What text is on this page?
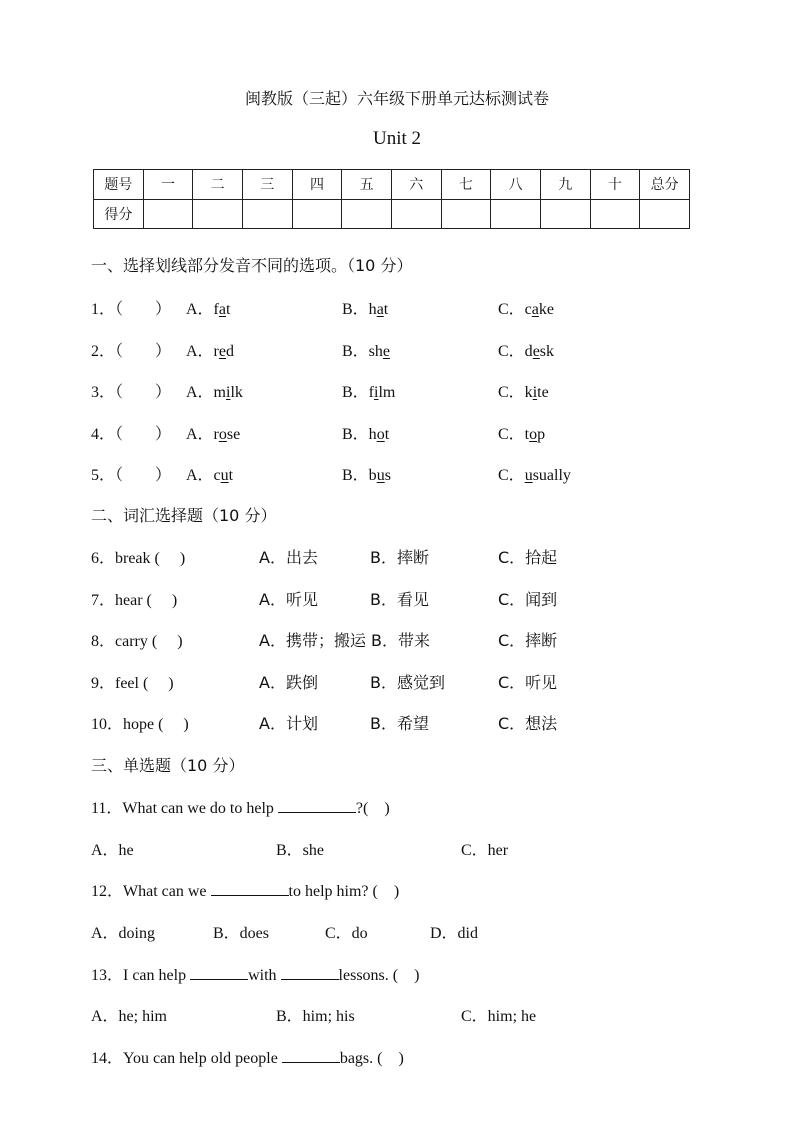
闽教版（三起）六年级下册单元达标测试卷
Unit 2
题号	一	二	三	四	五	六	七	八	九	十	总分
得分											
一、选择划线部分发音不同的选项。（10 分）
1．（　　） A．fat	B．hat	C．cake
2．（　　） A．red	B．she	C．desk
3．（　　） A．milk	B．film	C．kite
4．（　　） A．rose	B．hot	C．top
5．（　　） A．cut	B．bus	C．usually
二、词汇选择题（10 分）
6．break (　 )	A．出去	B．摔断	C．拾起
7．hear (　 )	A．听见	B．看见	C．闻到
8．carry (　 )	A．携带；搬运 B．带来	C．摔断
9．feel (　 )	A．跌倒	B．感觉到	C．听见
10．hope (　 )	A．计划	B．希望	C．想法
三、单选题（10 分）
11．What can we do to help	?(　)
A．he	B．she	C．her
12．What can we	to help him? (　)
A．doing	B．does	C．do	D．did
13．I can help	with	lessons. (　)
A．he; him	B．him; his	C．him; he
14．You can help old people	bags. (　)
